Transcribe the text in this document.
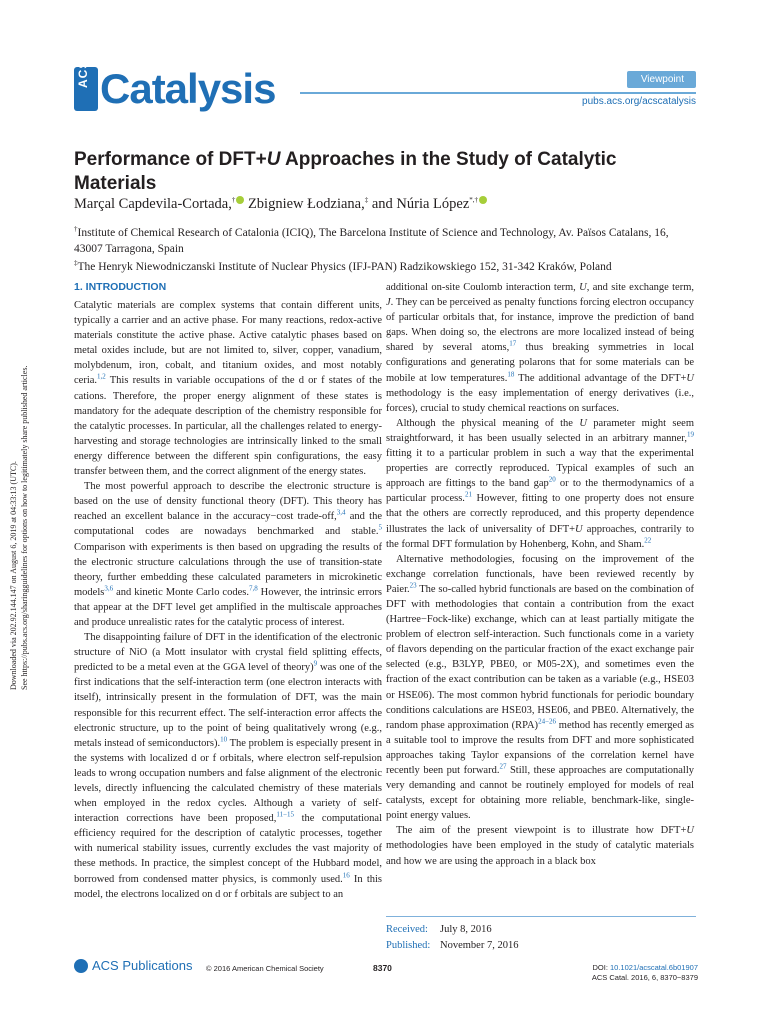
ACS Catalysis	Viewpoint
pubs.acs.org/acscatalysis
Performance of DFT+U Approaches in the Study of Catalytic Materials
Marçal Capdevila-Cortada,† Zbigniew Łodziana,‡ and Núria López*,†

†Institute of Chemical Research of Catalonia (ICIQ), The Barcelona Institute of Science and Technology, Av. Països Catalans, 16, 43007 Tarragona, Spain

‡The Henryk Niewodniczanski Institute of Nuclear Physics (IFJ-PAN) Radzikowskiego 152, 31-342 Kraków, Poland

1. INTRODUCTION

Catalytic materials are complex systems that contain different units, typically a carrier and an active phase. For many reactions, redox-active materials constitute the active phase. Active catalytic phases based on metal oxides include, but are not limited to, silver, copper, vanadium, molybdenum, iron, cobalt, and titanium oxides, and most notably ceria.$^{1,2}$ This results in variable occupations of the d or f states of the cations. Therefore, the proper energy alignment of these states is mandatory for the adequate description of the chemistry responsible for the catalytic processes. In particular, all the challenges related to energy-harvesting and storage technologies are intrinsically linked to the small energy difference between the different spin configurations, the easy transfer between them, and the correct alignment of the energy states.

The most powerful approach to describe the electronic structure is based on the use of density functional theory (DFT). This theory has reached an excellent balance in the accuracy−cost trade-off,$^{3,4}$ and the computational codes are nowadays benchmarked and stable.$^5$ Comparison with experiments is then based on upgrading the results of the electronic structure calculations through the use of transition-state theory, further embedding these calculated parameters in microkinetic models$^{3,6}$ and kinetic Monte Carlo codes.$^{7,8}$ However, the intrinsic errors that appear at the DFT level get amplified in the multiscale approaches and produce unrealistic rates for the catalytic process of interest.

The disappointing failure of DFT in the identification of the electronic structure of NiO (a Mott insulator with crystal field splitting effects, predicted to be a metal even at the GGA level of theory)$^9$ was one of the first indications that the self-interaction term (one electron interacts with itself), intrinsically present in the formulation of DFT, was the main responsible for this recurrent effect. The self-interaction error affects the electronic structure, up to the point of being qualitatively wrong (e.g., metals instead of semiconductors).$^{10}$ The problem is especially present in the systems with localized d or f orbitals, where electron self-repulsion leads to wrong occupation numbers and false alignment of the electronic levels, directly influencing the calculated chemistry of these materials when employed in the redox cycles. Although a variety of self-interaction corrections have been proposed,$^{11-15}$ the computational efficiency required for the description of catalytic processes, together with numerical stability issues, currently excludes the vast majority of these methods. In practice, the simplest concept of the Hubbard model, borrowed from condensed matter physics, is commonly used.$^{16}$ In this model, the electrons localized on d or f orbitals are subject to an

additional on-site Coulomb interaction term, U, and site exchange term, J. They can be perceived as penalty functions forcing electron occupancy of particular orbitals that, for instance, improve the prediction of band gaps. When doing so, the electrons are more localized instead of being shared by several atoms,$^{17}$ thus breaking symmetries in local configurations and generating polarons that for some materials can be mobile at low temperatures.$^{18}$ The additional advantage of the DFT+U methodology is the easy implementation of energy derivatives (i.e., forces), crucial to study chemical reactions on surfaces.

Although the physical meaning of the U parameter might seem straightforward, it has been usually selected in an arbitrary manner,$^{19}$ fitting it to a particular problem in such a way that the experimental properties are correctly reproduced. Typical examples of such an approach are fittings to the band gap$^{20}$ or to the thermodynamics of a particular process.$^{21}$ However, fitting to one property does not ensure that the others are correctly reproduced, and this property dependence illustrates the lack of universality of DFT+U approaches, contrarily to the formal DFT formulation by Hohenberg, Kohn, and Sham.$^{22}$

Alternative methodologies, focusing on the improvement of the exchange correlation functionals, have been reviewed recently by Paier.$^{23}$ The so-called hybrid functionals are based on the combination of DFT with methodologies that contain a contribution from the exact (Hartree−Fock-like) exchange, which can at least partially mitigate the problem of electron self-interaction. Such functionals come in a variety of flavors depending on the particular fraction of the exact exchange pair selected (e.g., B3LYP, PBE0, or M05-2X), and sometimes even the fraction of the exact contribution can be taken as a variable (e.g., HSE03 or HSE06). The most common hybrid functionals for periodic boundary conditions calculations are HSE03, HSE06, and PBE0. Alternatively, the random phase approximation (RPA)$^{24-26}$ method has recently emerged as a suitable tool to improve the results from DFT and more sophisticated approaches taking Taylor expansions of the correlation kernel have recently been put forward.$^{27}$ Still, these approaches are computationally very demanding and cannot be routinely employed for models of real catalysts, except for obtaining more reliable, benchmark-like, single-point energy values.

The aim of the present viewpoint is to illustrate how DFT+U methodologies have been employed in the study of catalytic materials and how we are using the approach in a black box

Received: July 8, 2016
Published: November 7, 2016
ACS Publications © 2016 American Chemical Society	8370	DOI: 10.1021/acscatal.6b01907
ACS Catal. 2016, 6, 8370−8379
Downloaded via 202.92.144.147 on August 6, 2019 at 04:33:13 (UTC). See https://pubs.acs.org/sharingguidelines for options on how to legitimately share published articles.
